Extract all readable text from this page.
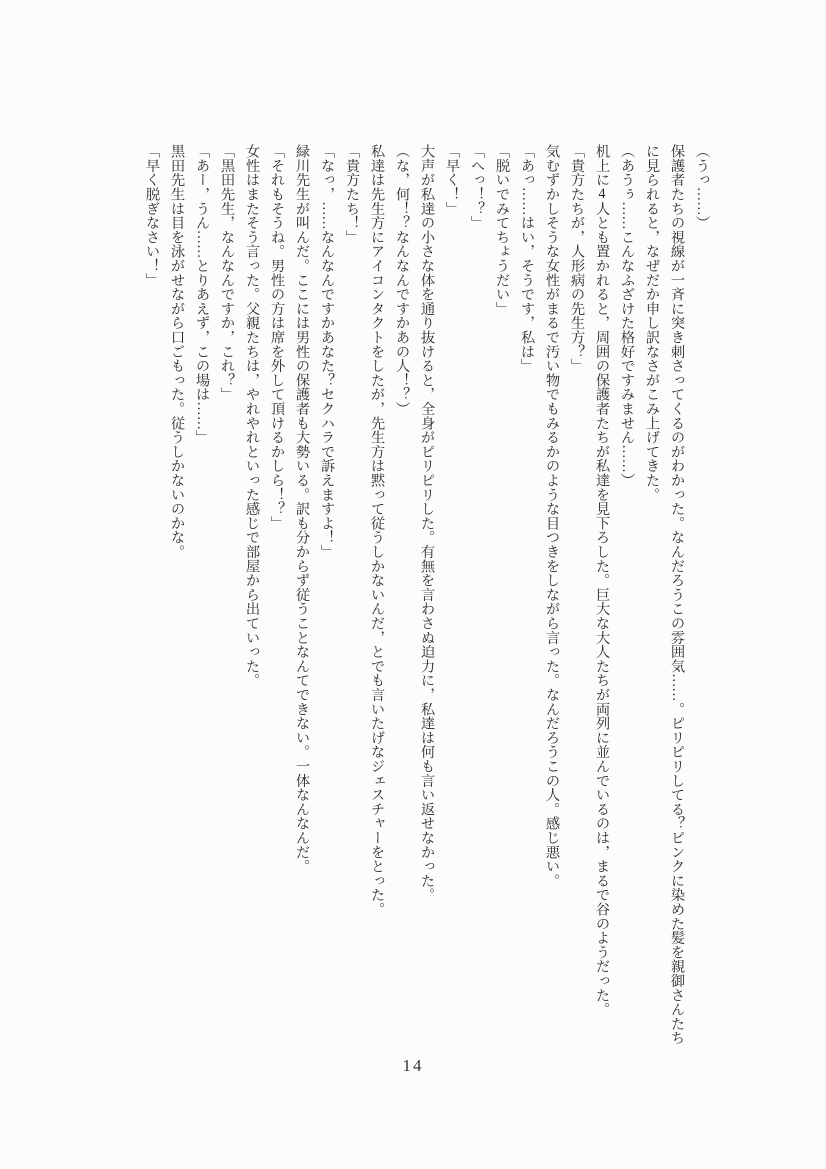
（うっ……）

保護者たちの視線が一斉に突き刺さってくるのがわかった。なんだろうこの雰囲気……。ピリピリしてる？ピンクに染めた髪を親御さんたち

に見られると，なぜだか申し訳なさがこみ上げてきた。

（あうぅ……こんなふざけた格好ですみません……）

机上に4人とも置かれると，周囲の保護者たちが私達を見下ろした。巨大な大人たちが両列に並んでいるのは，まるで谷のようだった。

「貴方たちが，人形病の先生方？」

気むずかしそうな女性がまるで汚い物でもみるかのような目つきをしながら言った。なんだろうこの人。感じ悪い。

「あっ……はい，そうです，私は」

「脱いでみてちょうだい」

「へっ！？」

「早く！」

大声が私達の小さな体を通り抜けると，全身がピリピリした。有無を言わさぬ迫力に，私達は何も言い返せなかった。

（な，何！？なんなんですかあの人！？）

私達は先生方にアイコンタクトをしたが，先生方は黙って従うしかないんだ，とでも言いたげなジェスチャーをとった。

「貴方たち！」

「なっ，……なんなんですかあなた？セクハラで訴えますよ！」

緑川先生が叫んだ。ここには男性の保護者も大勢いる。訳も分からず従うことなんてできない。一体なんなんだ。

「それもそうね。男性の方は席を外して頂けるかしら！？」

女性はまたそう言った。父親たちは，やれやれといった感じで部屋から出ていった。

「黒田先生，なんなんですか，これ？」

「あー，うん……とりあえず，この場は……」

黒田先生は目を泳がせながら口ごもった。従うしかないのかな。

「早く脱ぎなさい！」

14
